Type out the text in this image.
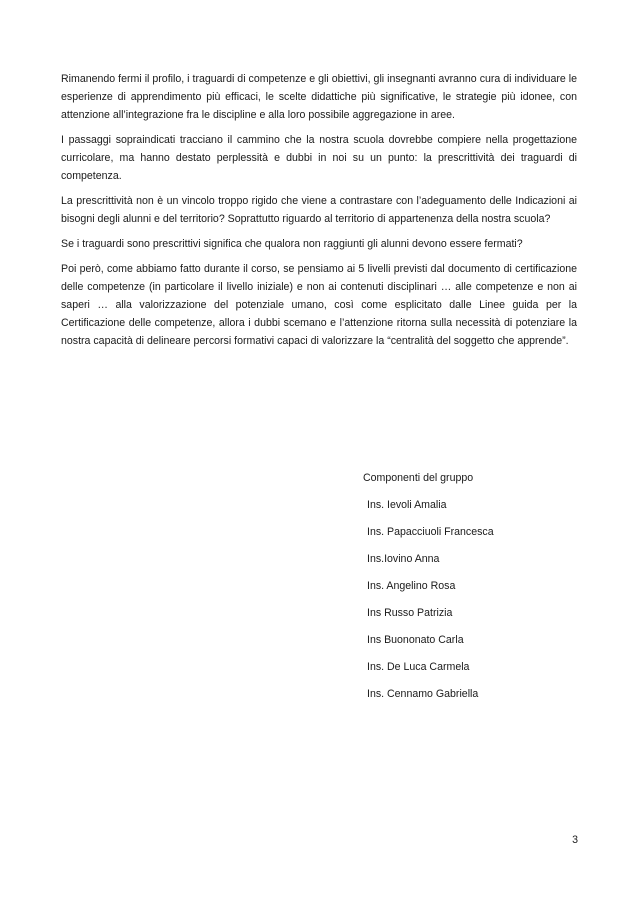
Rimanendo fermi il profilo, i traguardi di competenze e gli obiettivi, gli insegnanti avranno cura di individuare le esperienze di apprendimento più efficaci, le scelte didattiche più significative, le strategie più idonee, con attenzione all’integrazione fra le discipline e alla loro possibile aggregazione in aree.

I passaggi sopraindicati tracciano il cammino che la nostra scuola dovrebbe compiere nella progettazione curricolare, ma hanno destato perplessità e dubbi in noi su un punto: la prescrittività dei traguardi di competenza.

La prescrittività non è un vincolo troppo rigido che viene a contrastare con l’adeguamento delle Indicazioni ai bisogni degli alunni e del territorio? Soprattutto riguardo al territorio di appartenenza della nostra scuola?

Se i traguardi sono prescrittivi significa che qualora non raggiunti gli alunni devono essere fermati?

Poi però, come abbiamo fatto durante il corso, se pensiamo ai 5 livelli previsti dal documento di certificazione delle competenze (in particolare il livello iniziale) e non ai contenuti disciplinari … alle competenze e non ai saperi … alla valorizzazione del potenziale umano, così come esplicitato dalle Linee guida per la Certificazione delle competenze, allora i dubbi scemano e l’attenzione ritorna sulla necessità di potenziare la nostra capacità di delineare percorsi formativi capaci di valorizzare la “centralità del soggetto che apprende”.

Componenti del gruppo
Ins. Ievoli Amalia
Ins. Papacciuoli Francesca
Ins.Iovino Anna
Ins. Angelino Rosa
Ins Russo Patrizia
Ins Buononato Carla
Ins. De Luca Carmela
Ins. Cennamo Gabriella
3
